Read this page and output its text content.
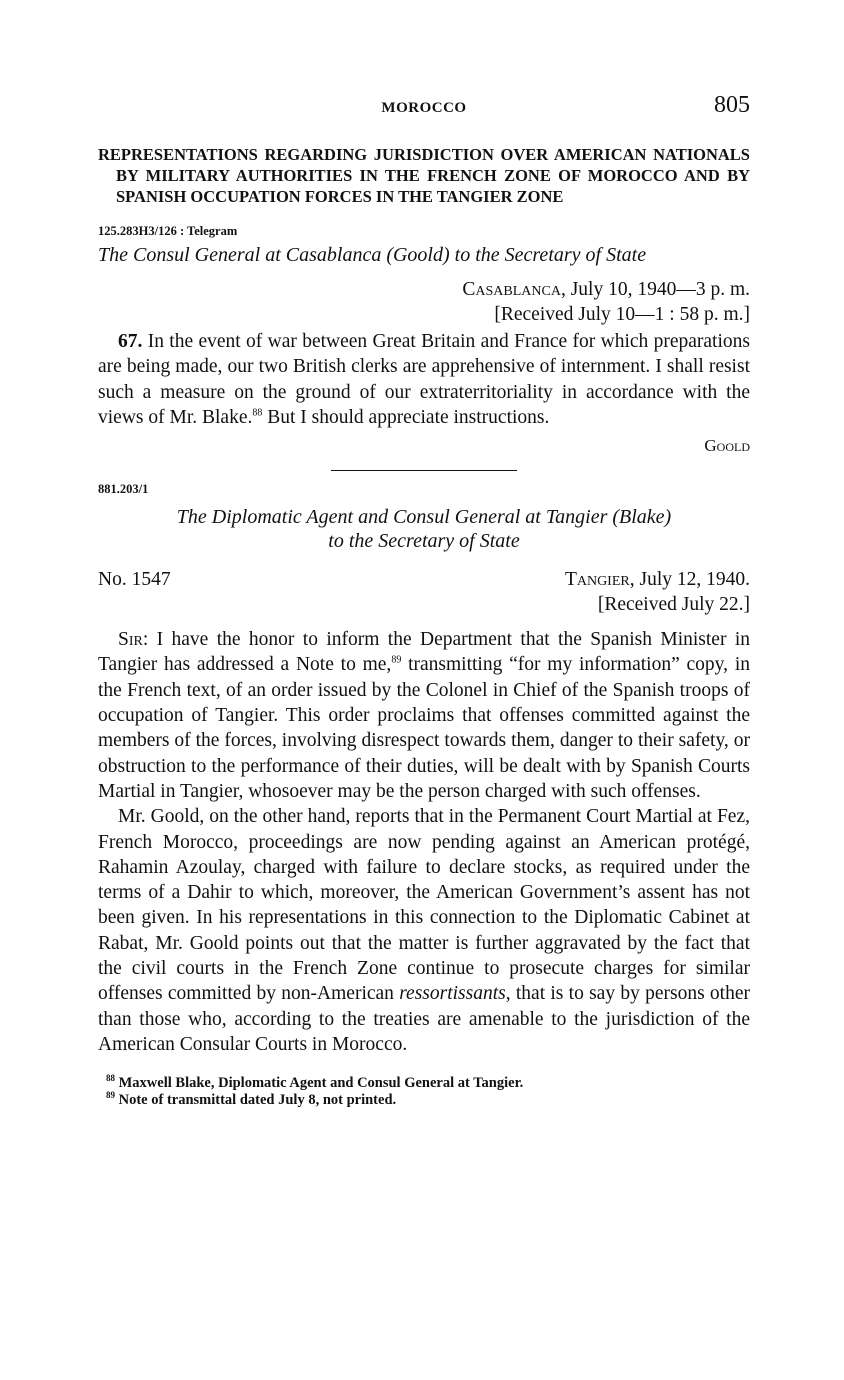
MOROCCO	805
REPRESENTATIONS REGARDING JURISDICTION OVER AMERICAN NATIONALS BY MILITARY AUTHORITIES IN THE FRENCH ZONE OF MOROCCO AND BY SPANISH OCCUPATION FORCES IN THE TANGIER ZONE
125.283H3/126 : Telegram
The Consul General at Casablanca (Goold) to the Secretary of State
Casablanca, July 10, 1940—3 p. m.
[Received July 10—1 : 58 p. m.]

67. In the event of war between Great Britain and France for which preparations are being made, our two British clerks are apprehensive of internment. I shall resist such a measure on the ground of our extraterritoriality in accordance with the views of Mr. Blake.$^{88}$ But I should appreciate instructions.

Goold
881.203/1
The Diplomatic Agent and Consul General at Tangier (Blake)
to the Secretary of State
No. 1547	Tangier, July 12, 1940.
[Received July 22.]

Sir: I have the honor to inform the Department that the Spanish Minister in Tangier has addressed a Note to me,$^{89}$ transmitting “for my information” copy, in the French text, of an order issued by the Colonel in Chief of the Spanish troops of occupation of Tangier. This order proclaims that offenses committed against the members of the forces, involving disrespect towards them, danger to their safety, or obstruction to the performance of their duties, will be dealt with by Spanish Courts Martial in Tangier, whosoever may be the person charged with such offenses.

Mr. Goold, on the other hand, reports that in the Permanent Court Martial at Fez, French Morocco, proceedings are now pending against an American protégé, Rahamin Azoulay, charged with failure to declare stocks, as required under the terms of a Dahir to which, moreover, the American Government’s assent has not been given. In his representations in this connection to the Diplomatic Cabinet at Rabat, Mr. Goold points out that the matter is further aggravated by the fact that the civil courts in the French Zone continue to prosecute charges for similar offenses committed by non-American ressortissants, that is to say by persons other than those who, according to the treaties are amenable to the jurisdiction of the American Consular Courts in Morocco.

$^{88}$ Maxwell Blake, Diplomatic Agent and Consul General at Tangier.
$^{89}$ Note of transmittal dated July 8, not printed.
